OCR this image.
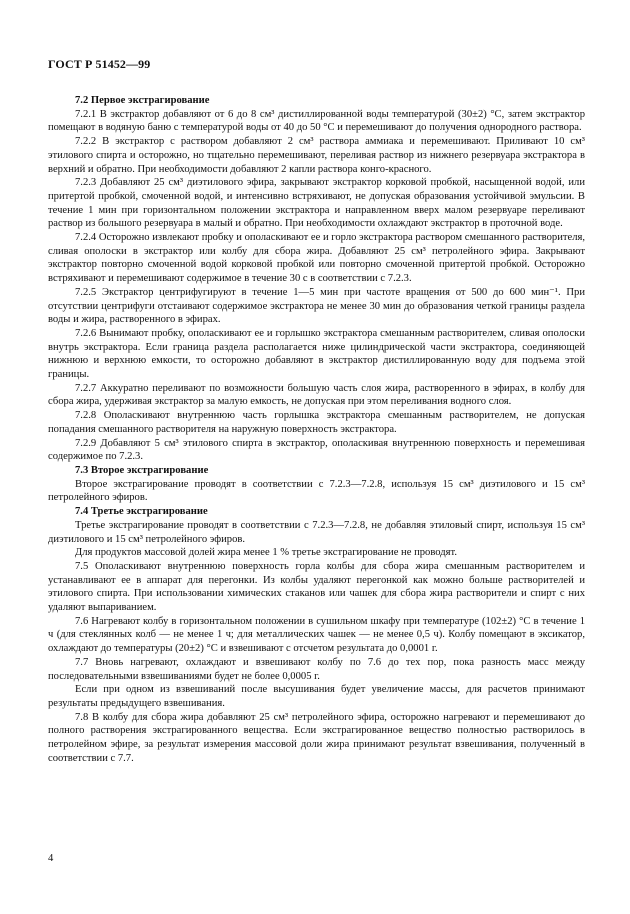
ГОСТ Р 51452—99

7.2 Первое экстрагирование

7.2.1 В экстрактор добавляют от 6 до 8 см³ дистиллированной воды температурой (30±2) °С, затем экстрактор помещают в водяную баню с температурой воды от 40 до 50 °С и перемешивают до получения однородного раствора.

7.2.2 В экстрактор с раствором добавляют 2 см³ раствора аммиака и перемешивают. Приливают 10 см³ этилового спирта и осторожно, но тщательно перемешивают, переливая раствор из нижнего резервуара экстрактора в верхний и обратно. При необходимости добавляют 2 капли раствора конго-красного.

7.2.3 Добавляют 25 см³ диэтилового эфира, закрывают экстрактор корковой пробкой, насыщенной водой, или притертой пробкой, смоченной водой, и интенсивно встряхивают, не допуская образования устойчивой эмульсии. В течение 1 мин при горизонтальном положении экстрактора и направленном вверх малом резервуаре переливают раствор из большого резервуара в малый и обратно. При необходимости охлаждают экстрактор в проточной воде.

7.2.4 Осторожно извлекают пробку и ополаскивают ее и горло экстрактора раствором смешанного растворителя, сливая ополоски в экстрактор или колбу для сбора жира. Добавляют 25 см³ петролейного эфира. Закрывают экстрактор повторно смоченной водой корковой пробкой или повторно смоченной притертой пробкой. Осторожно встряхивают и перемешивают содержимое в течение 30 с в соответствии с 7.2.3.

7.2.5 Экстрактор центрифугируют в течение 1—5 мин при частоте вращения от 500 до 600 мин⁻¹. При отсутствии центрифуги отстаивают содержимое экстрактора не менее 30 мин до образования четкой границы раздела воды и жира, растворенного в эфирах.

7.2.6 Вынимают пробку, ополаскивают ее и горлышко экстрактора смешанным растворителем, сливая ополоски внутрь экстрактора. Если граница раздела располагается ниже цилиндрической части экстрактора, соединяющей нижнюю и верхнюю емкости, то осторожно добавляют в экстрактор дистиллированную воду для подъема этой границы.

7.2.7 Аккуратно переливают по возможности большую часть слоя жира, растворенного в эфирах, в колбу для сбора жира, удерживая экстрактор за малую емкость, не допуская при этом переливания водного слоя.

7.2.8 Ополаскивают внутреннюю часть горлышка экстрактора смешанным растворителем, не допуская попадания смешанного растворителя на наружную поверхность экстрактора.

7.2.9 Добавляют 5 см³ этилового спирта в экстрактор, ополаскивая внутреннюю поверхность и перемешивая содержимое по 7.2.3.

7.3 Второе экстрагирование

Второе экстрагирование проводят в соответствии с 7.2.3—7.2.8, используя 15 см³ диэтилового и 15 см³ петролейного эфиров.

7.4 Третье экстрагирование

Третье экстрагирование проводят в соответствии с 7.2.3—7.2.8, не добавляя этиловый спирт, используя 15 см³ диэтилового и 15 см³ петролейного эфиров.

Для продуктов массовой долей жира менее 1 % третье экстрагирование не проводят.

7.5 Ополаскивают внутреннюю поверхность горла колбы для сбора жира смешанным растворителем и устанавливают ее в аппарат для перегонки. Из колбы удаляют перегонкой как можно больше растворителей и этилового спирта. При использовании химических стаканов или чашек для сбора жира растворители и спирт с них удаляют выпариванием.

7.6 Нагревают колбу в горизонтальном положении в сушильном шкафу при температуре (102±2) °С в течение 1 ч (для стеклянных колб — не менее 1 ч; для металлических чашек — не менее 0,5 ч). Колбу помещают в эксикатор, охлаждают до температуры (20±2) °С и взвешивают с отсчетом результата до 0,0001 г.

7.7 Вновь нагревают, охлаждают и взвешивают колбу по 7.6 до тех пор, пока разность масс между последовательными взвешиваниями будет не более 0,0005 г.

Если при одном из взвешиваний после высушивания будет увеличение массы, для расчетов принимают результаты предыдущего взвешивания.

7.8 В колбу для сбора жира добавляют 25 см³ петролейного эфира, осторожно нагревают и перемешивают до полного растворения экстрагированного вещества. Если экстрагированное вещество полностью растворилось в петролейном эфире, за результат измерения массовой доли жира принимают результат взвешивания, полученный в соответствии с 7.7.

4
